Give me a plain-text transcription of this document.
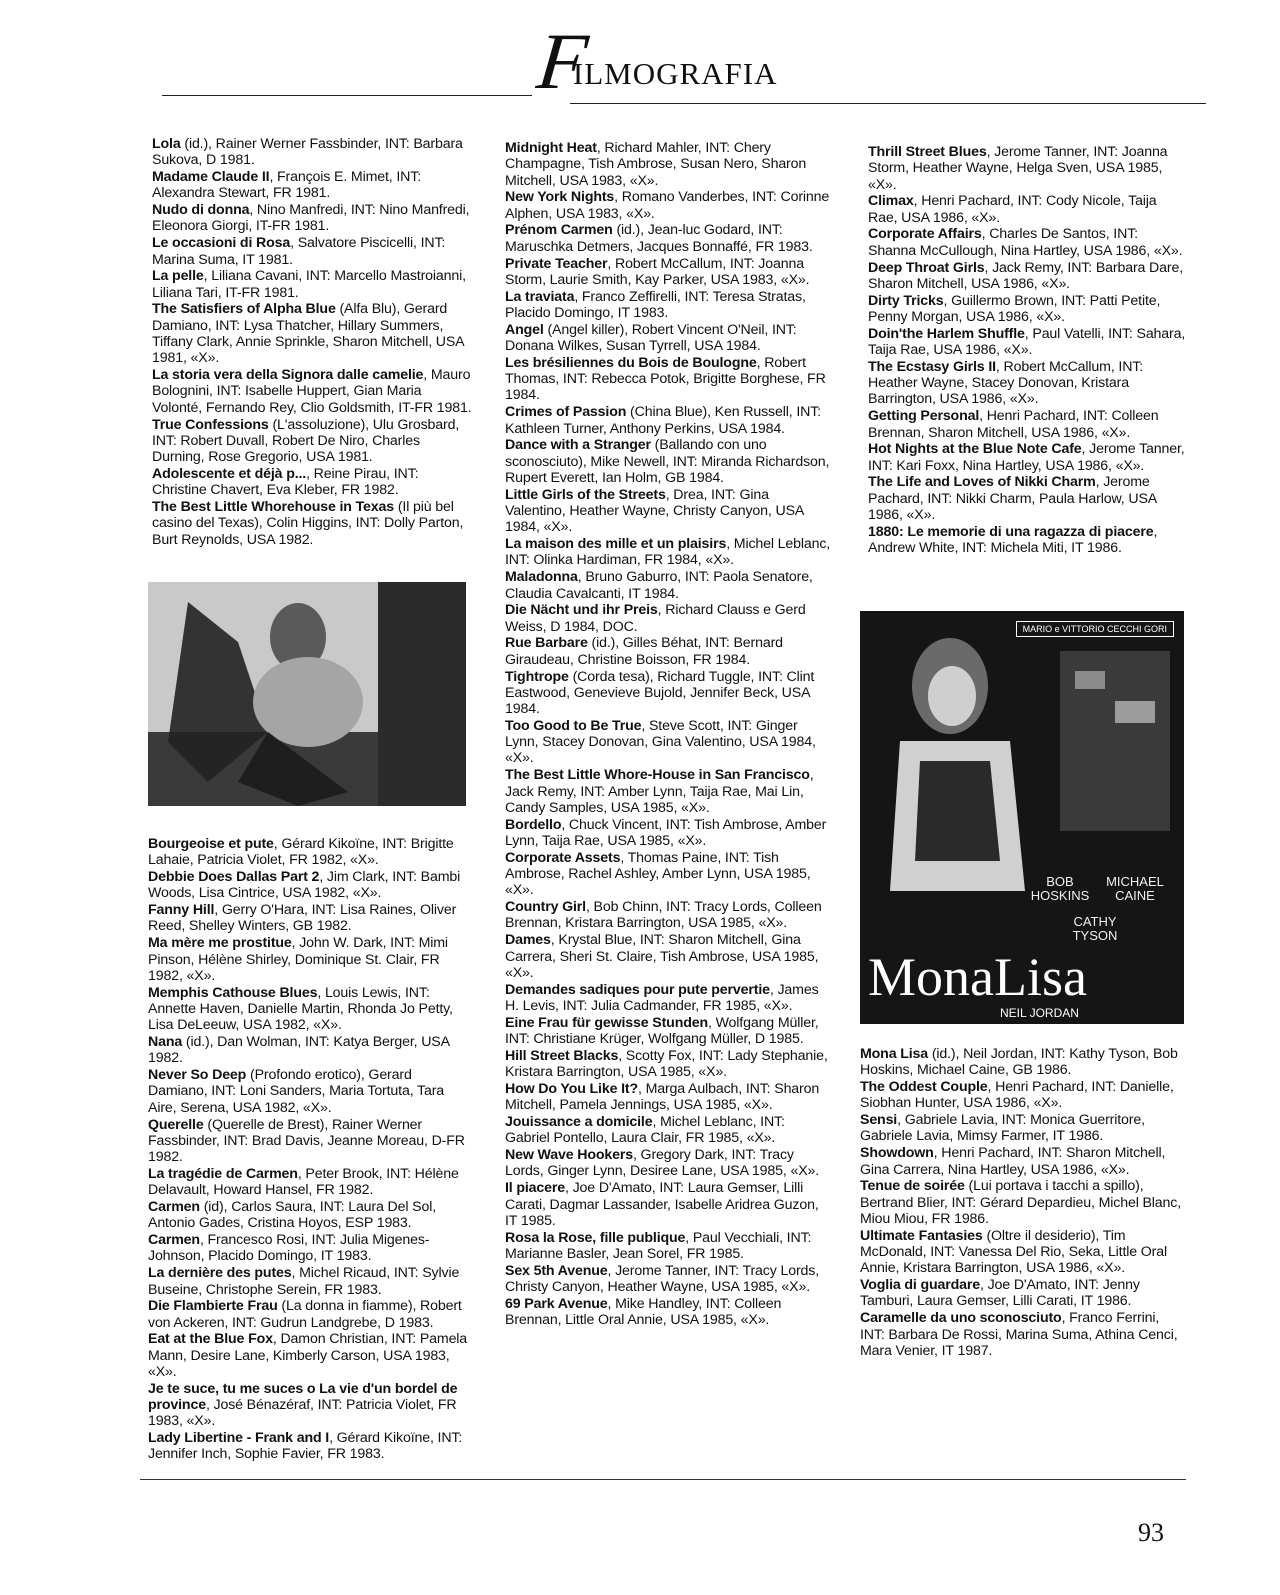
FILMOGRAFIA
Lola (id.), Rainer Werner Fassbinder, INT: Barbara Sukova, D 1981.
Madame Claude II, François E. Mimet, INT: Alexandra Stewart, FR 1981.
Nudo di donna, Nino Manfredi, INT: Nino Manfredi, Eleonora Giorgi, IT-FR 1981.
Le occasioni di Rosa, Salvatore Piscicelli, INT: Marina Suma, IT 1981.
La pelle, Liliana Cavani, INT: Marcello Mastroianni, Liliana Tari, IT-FR 1981.
The Satisfiers of Alpha Blue (Alfa Blu), Gerard Damiano, INT: Lysa Thatcher, Hillary Summers, Tiffany Clark, Annie Sprinkle, Sharon Mitchell, USA 1981, «X».
La storia vera della Signora dalle camelie, Mauro Bolognini, INT: Isabelle Huppert, Gian Maria Volonté, Fernando Rey, Clio Goldsmith, IT-FR 1981.
True Confessions (L'assoluzione), Ulu Grosbard, INT: Robert Duvall, Robert De Niro, Charles Durning, Rose Gregorio, USA 1981.
Adolescente et déjà p..., Reine Pirau, INT: Christine Chavert, Eva Kleber, FR 1982.
The Best Little Whorehouse in Texas (Il più bel casino del Texas), Colin Higgins, INT: Dolly Parton, Burt Reynolds, USA 1982.
Bourgeoise et pute, Gérard Kikoïne, INT: Brigitte Lahaie, Patricia Violet, FR 1982, «X».
Debbie Does Dallas Part 2, Jim Clark, INT: Bambi Woods, Lisa Cintrice, USA 1982, «X».
Fanny Hill, Gerry O'Hara, INT: Lisa Raines, Oliver Reed, Shelley Winters, GB 1982.
Ma mère me prostitue, John W. Dark, INT: Mimi Pinson, Hélène Shirley, Dominique St. Clair, FR 1982, «X».
Memphis Cathouse Blues, Louis Lewis, INT: Annette Haven, Danielle Martin, Rhonda Jo Petty, Lisa DeLeeuw, USA 1982, «X».
Nana (id.), Dan Wolman, INT: Katya Berger, USA 1982.
Never So Deep (Profondo erotico), Gerard Damiano, INT: Loni Sanders, Maria Tortuta, Tara Aire, Serena, USA 1982, «X».
Querelle (Querelle de Brest), Rainer Werner Fassbinder, INT: Brad Davis, Jeanne Moreau, D-FR 1982.
La tragédie de Carmen, Peter Brook, INT: Hélène Delavault, Howard Hansel, FR 1982.
Carmen (id), Carlos Saura, INT: Laura Del Sol, Antonio Gades, Cristina Hoyos, ESP 1983.
Carmen, Francesco Rosi, INT: Julia Migenes-Johnson, Placido Domingo, IT 1983.
La dernière des putes, Michel Ricaud, INT: Sylvie Buseine, Christophe Serein, FR 1983.
Die Flambierte Frau (La donna in fiamme), Robert von Ackeren, INT: Gudrun Landgrebe, D 1983.
Eat at the Blue Fox, Damon Christian, INT: Pamela Mann, Desire Lane, Kimberly Carson, USA 1983, «X».
Je te suce, tu me suces o La vie d'un bordel de province, José Bénazéraf, INT: Patricia Violet, FR 1983, «X».
Lady Libertine - Frank and I, Gérard Kikoïne, INT: Jennifer Inch, Sophie Favier, FR 1983.
Midnight Heat, Richard Mahler, INT: Chery Champagne, Tish Ambrose, Susan Nero, Sharon Mitchell, USA 1983, «X».
New York Nights, Romano Vanderbes, INT: Corinne Alphen, USA 1983, «X».
Prénom Carmen (id.), Jean-luc Godard, INT: Maruschka Detmers, Jacques Bonnaffé, FR 1983.
Private Teacher, Robert McCallum, INT: Joanna Storm, Laurie Smith, Kay Parker, USA 1983, «X».
La traviata, Franco Zeffirelli, INT: Teresa Stratas, Placido Domingo, IT 1983.
Angel (Angel killer), Robert Vincent O'Neil, INT: Donana Wilkes, Susan Tyrrell, USA 1984.
Les brésiliennes du Bois de Boulogne, Robert Thomas, INT: Rebecca Potok, Brigitte Borghese, FR 1984.
Crimes of Passion (China Blue), Ken Russell, INT: Kathleen Turner, Anthony Perkins, USA 1984.
Dance with a Stranger (Ballando con uno sconosciuto), Mike Newell, INT: Miranda Richardson, Rupert Everett, Ian Holm, GB 1984.
Little Girls of the Streets, Drea, INT: Gina Valentino, Heather Wayne, Christy Canyon, USA 1984, «X».
La maison des mille et un plaisirs, Michel Leblanc, INT: Olinka Hardiman, FR 1984, «X».
Maladonna, Bruno Gaburro, INT: Paola Senatore, Claudia Cavalcanti, IT 1984.
Die Nächt und ihr Preis, Richard Clauss e Gerd Weiss, D 1984, DOC.
Rue Barbare (id.), Gilles Béhat, INT: Bernard Giraudeau, Christine Boisson, FR 1984.
Tightrope (Corda tesa), Richard Tuggle, INT: Clint Eastwood, Genevieve Bujold, Jennifer Beck, USA 1984.
Too Good to Be True, Steve Scott, INT: Ginger Lynn, Stacey Donovan, Gina Valentino, USA 1984, «X».
The Best Little Whore-House in San Francisco, Jack Remy, INT: Amber Lynn, Taija Rae, Mai Lin, Candy Samples, USA 1985, «X».
Bordello, Chuck Vincent, INT: Tish Ambrose, Amber Lynn, Taija Rae, USA 1985, «X».
Corporate Assets, Thomas Paine, INT: Tish Ambrose, Rachel Ashley, Amber Lynn, USA 1985, «X».
Country Girl, Bob Chinn, INT: Tracy Lords, Colleen Brennan, Kristara Barrington, USA 1985, «X».
Dames, Krystal Blue, INT: Sharon Mitchell, Gina Carrera, Sheri St. Claire, Tish Ambrose, USA 1985, «X».
Demandes sadiques pour pute pervertie, James H. Levis, INT: Julia Cadmander, FR 1985, «X».
Eine Frau für gewisse Stunden, Wolfgang Müller, INT: Christiane Krüger, Wolfgang Müller, D 1985.
Hill Street Blacks, Scotty Fox, INT: Lady Stephanie, Kristara Barrington, USA 1985, «X».
How Do You Like It?, Marga Aulbach, INT: Sharon Mitchell, Pamela Jennings, USA 1985, «X».
Jouissance a domicile, Michel Leblanc, INT: Gabriel Pontello, Laura Clair, FR 1985, «X».
New Wave Hookers, Gregory Dark, INT: Tracy Lords, Ginger Lynn, Desiree Lane, USA 1985, «X».
Il piacere, Joe D'Amato, INT: Laura Gemser, Lilli Carati, Dagmar Lassander, Isabelle Aridrea Guzon, IT 1985.
Rosa la Rose, fille publique, Paul Vecchiali, INT: Marianne Basler, Jean Sorel, FR 1985.
Sex 5th Avenue, Jerome Tanner, INT: Tracy Lords, Christy Canyon, Heather Wayne, USA 1985, «X».
69 Park Avenue, Mike Handley, INT: Colleen Brennan, Little Oral Annie, USA 1985, «X».
Thrill Street Blues, Jerome Tanner, INT: Joanna Storm, Heather Wayne, Helga Sven, USA 1985, «X».
Climax, Henri Pachard, INT: Cody Nicole, Taija Rae, USA 1986, «X».
Corporate Affairs, Charles De Santos, INT: Shanna McCullough, Nina Hartley, USA 1986, «X».
Deep Throat Girls, Jack Remy, INT: Barbara Dare, Sharon Mitchell, USA 1986, «X».
Dirty Tricks, Guillermo Brown, INT: Patti Petite, Penny Morgan, USA 1986, «X».
Doin'the Harlem Shuffle, Paul Vatelli, INT: Sahara, Taija Rae, USA 1986, «X».
The Ecstasy Girls II, Robert McCallum, INT: Heather Wayne, Stacey Donovan, Kristara Barrington, USA 1986, «X».
Getting Personal, Henri Pachard, INT: Colleen Brennan, Sharon Mitchell, USA 1986, «X».
Hot Nights at the Blue Note Cafe, Jerome Tanner, INT: Kari Foxx, Nina Hartley, USA 1986, «X».
The Life and Loves of Nikki Charm, Jerome Pachard, INT: Nikki Charm, Paula Harlow, USA 1986, «X».
1880: Le memorie di una ragazza di piacere, Andrew White, INT: Michela Miti, IT 1986.
MARIO e VITTORIO CECCHI GORI
BOB HOSKINS
MICHAEL CAINE
CATHY TYSON
MonaLisa
NEIL JORDAN
Mona Lisa (id.), Neil Jordan, INT: Kathy Tyson, Bob Hoskins, Michael Caine, GB 1986.
The Oddest Couple, Henri Pachard, INT: Danielle, Siobhan Hunter, USA 1986, «X».
Sensi, Gabriele Lavia, INT: Monica Guerritore, Gabriele Lavia, Mimsy Farmer, IT 1986.
Showdown, Henri Pachard, INT: Sharon Mitchell, Gina Carrera, Nina Hartley, USA 1986, «X».
Tenue de soirée (Lui portava i tacchi a spillo), Bertrand Blier, INT: Gérard Depardieu, Michel Blanc, Miou Miou, FR 1986.
Ultimate Fantasies (Oltre il desiderio), Tim McDonald, INT: Vanessa Del Rio, Seka, Little Oral Annie, Kristara Barrington, USA 1986, «X».
Voglia di guardare, Joe D'Amato, INT: Jenny Tamburi, Laura Gemser, Lilli Carati, IT 1986.
Caramelle da uno sconosciuto, Franco Ferrini, INT: Barbara De Rossi, Marina Suma, Athina Cenci, Mara Venier, IT 1987.
93
